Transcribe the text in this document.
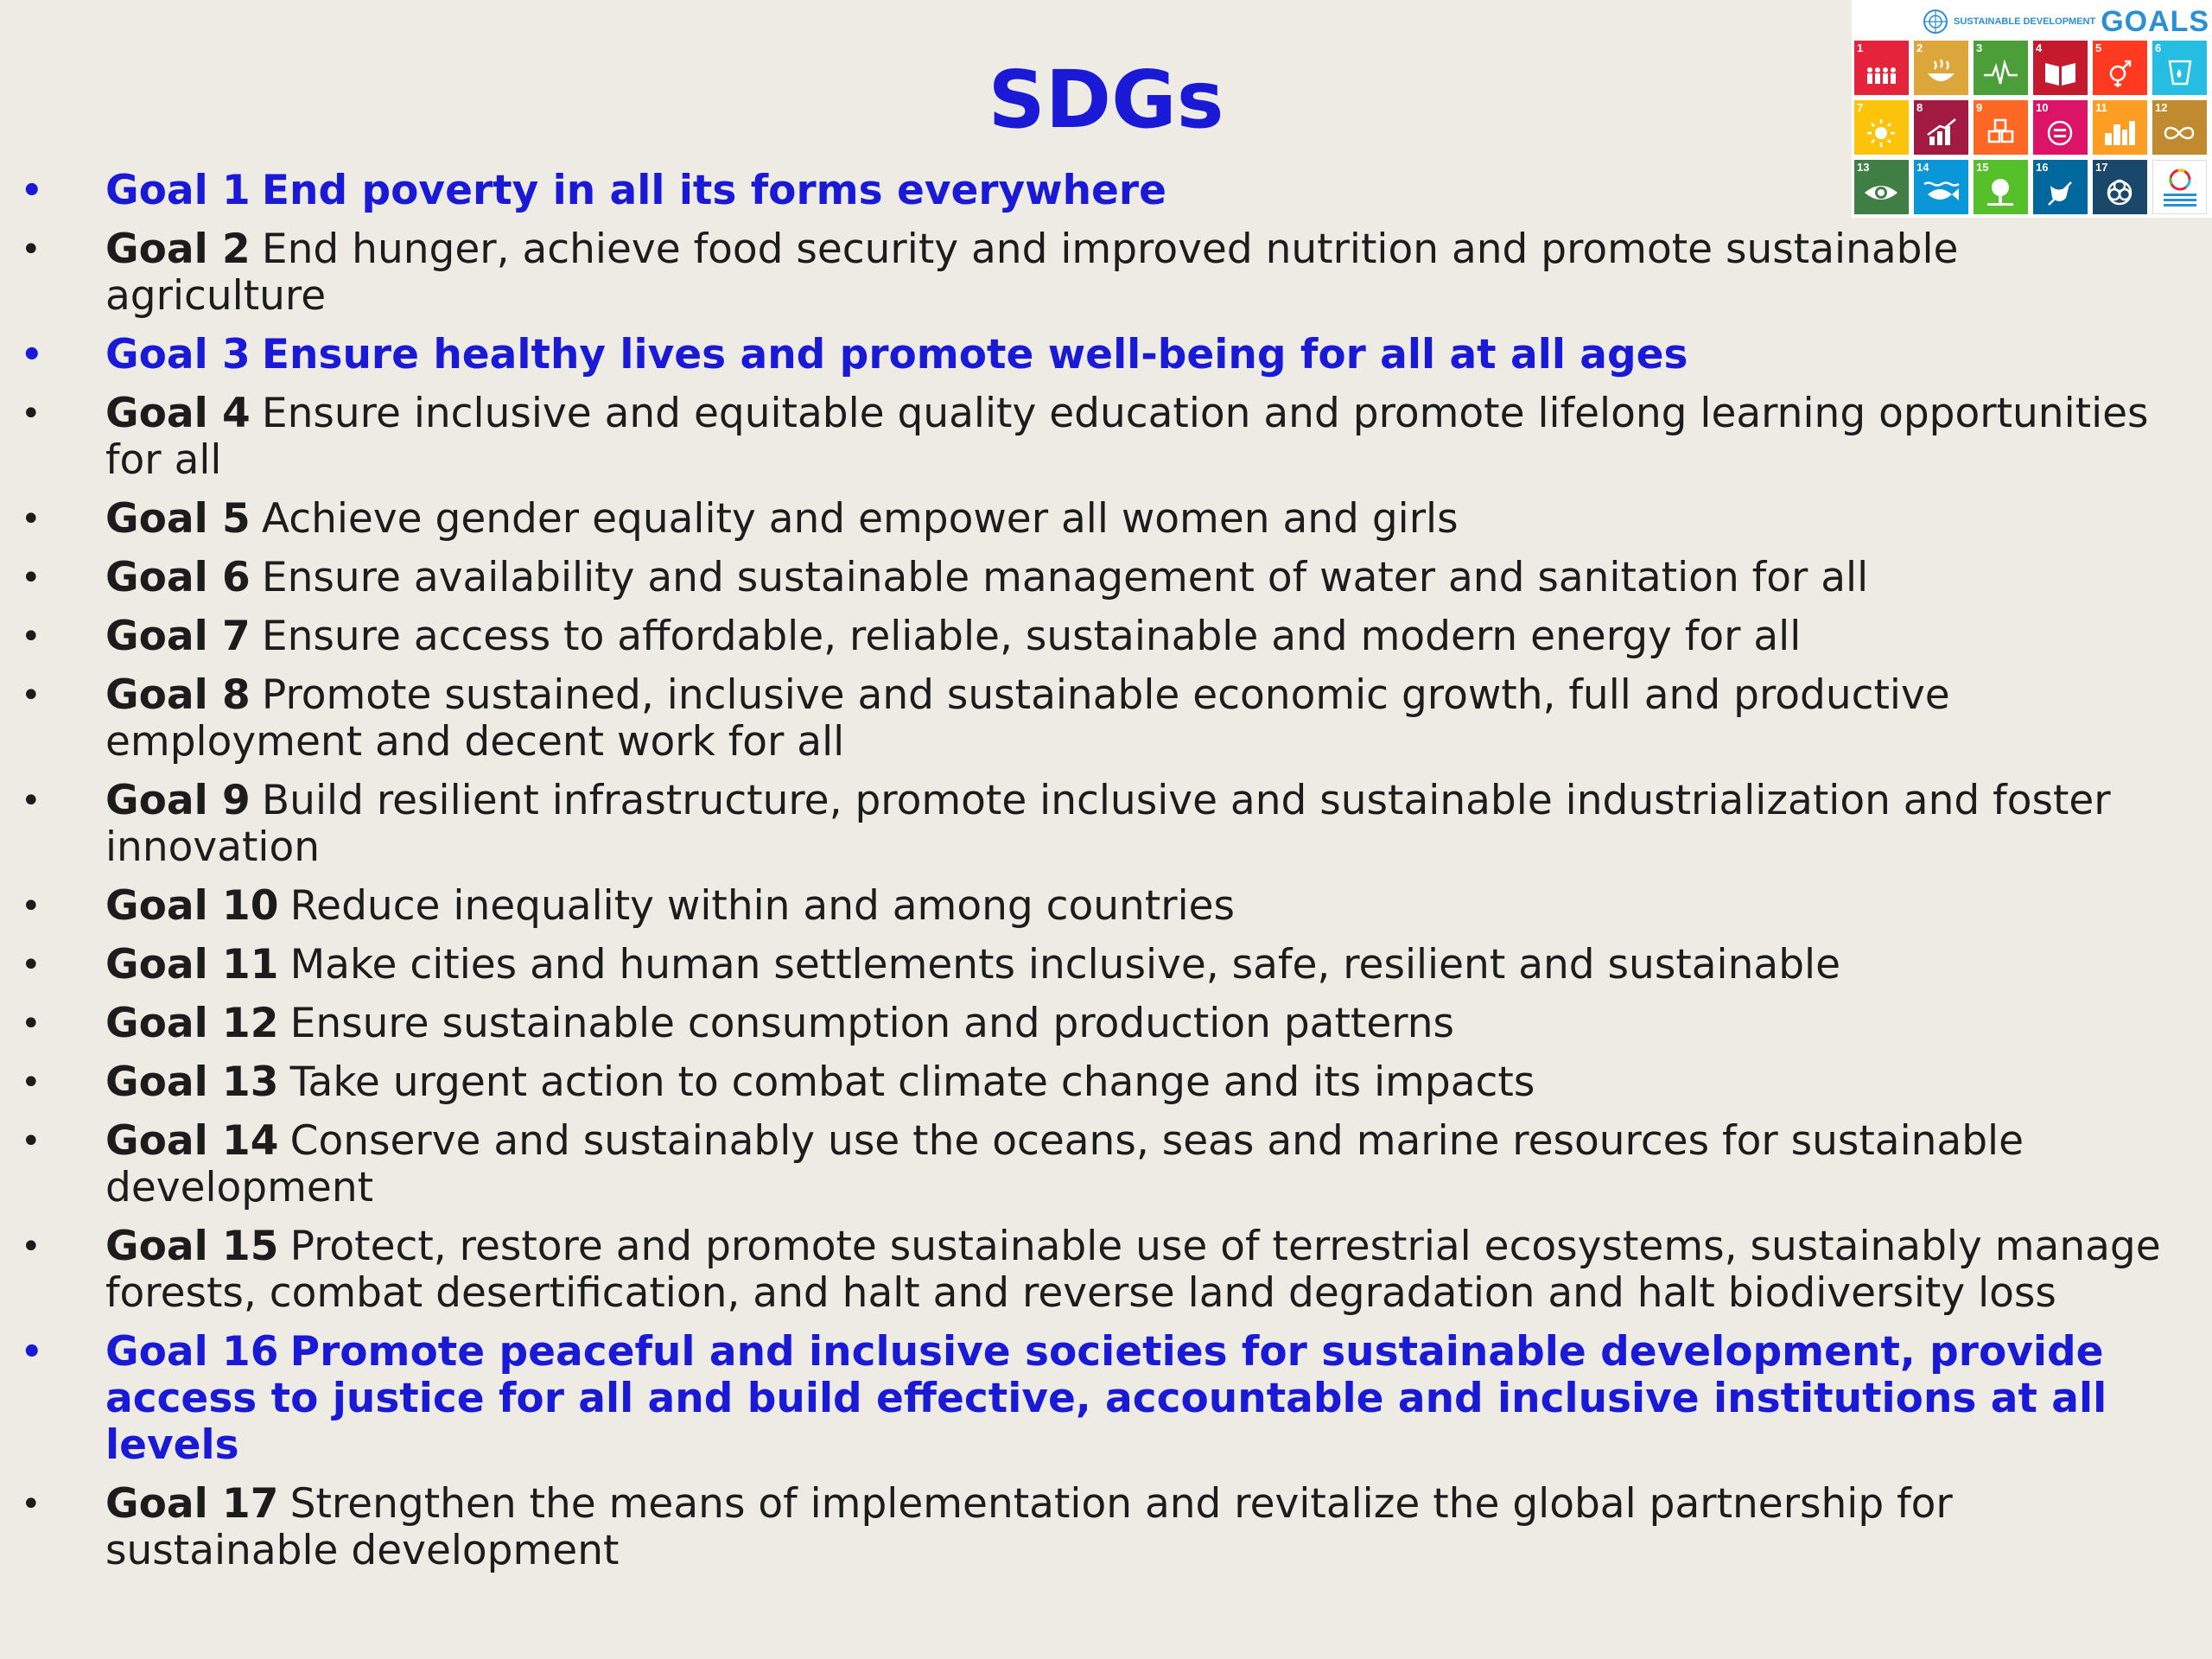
SDGs
• Goal 1 End poverty in all its forms everywhere
• Goal 2 End hunger, achieve food security and improved nutrition and promote sustainable agriculture
• Goal 3 Ensure healthy lives and promote well-being for all at all ages
• Goal 4 Ensure inclusive and equitable quality education and promote lifelong learning opportunities for all
• Goal 5 Achieve gender equality and empower all women and girls
• Goal 6 Ensure availability and sustainable management of water and sanitation for all
• Goal 7 Ensure access to affordable, reliable, sustainable and modern energy for all
• Goal 8 Promote sustained, inclusive and sustainable economic growth, full and productive employment and decent work for all
• Goal 9 Build resilient infrastructure, promote inclusive and sustainable industrialization and foster innovation
• Goal 10 Reduce inequality within and among countries
• Goal 11 Make cities and human settlements inclusive, safe, resilient and sustainable
• Goal 12 Ensure sustainable consumption and production patterns
• Goal 13 Take urgent action to combat climate change and its impacts
• Goal 14 Conserve and sustainably use the oceans, seas and marine resources for sustainable development
• Goal 15 Protect, restore and promote sustainable use of terrestrial ecosystems, sustainably manage forests, combat desertification, and halt and reverse land degradation and halt biodiversity loss
• Goal 16 Promote peaceful and inclusive societies for sustainable development, provide access to justice for all and build effective, accountable and inclusive institutions at all levels
• Goal 17 Strengthen the means of implementation and revitalize the global partnership for sustainable development
SUSTAINABLE DEVELOPMENT GOALS
1	2	3	4	5	6
7	8	9	10	11	12
13	14	15	16	17
